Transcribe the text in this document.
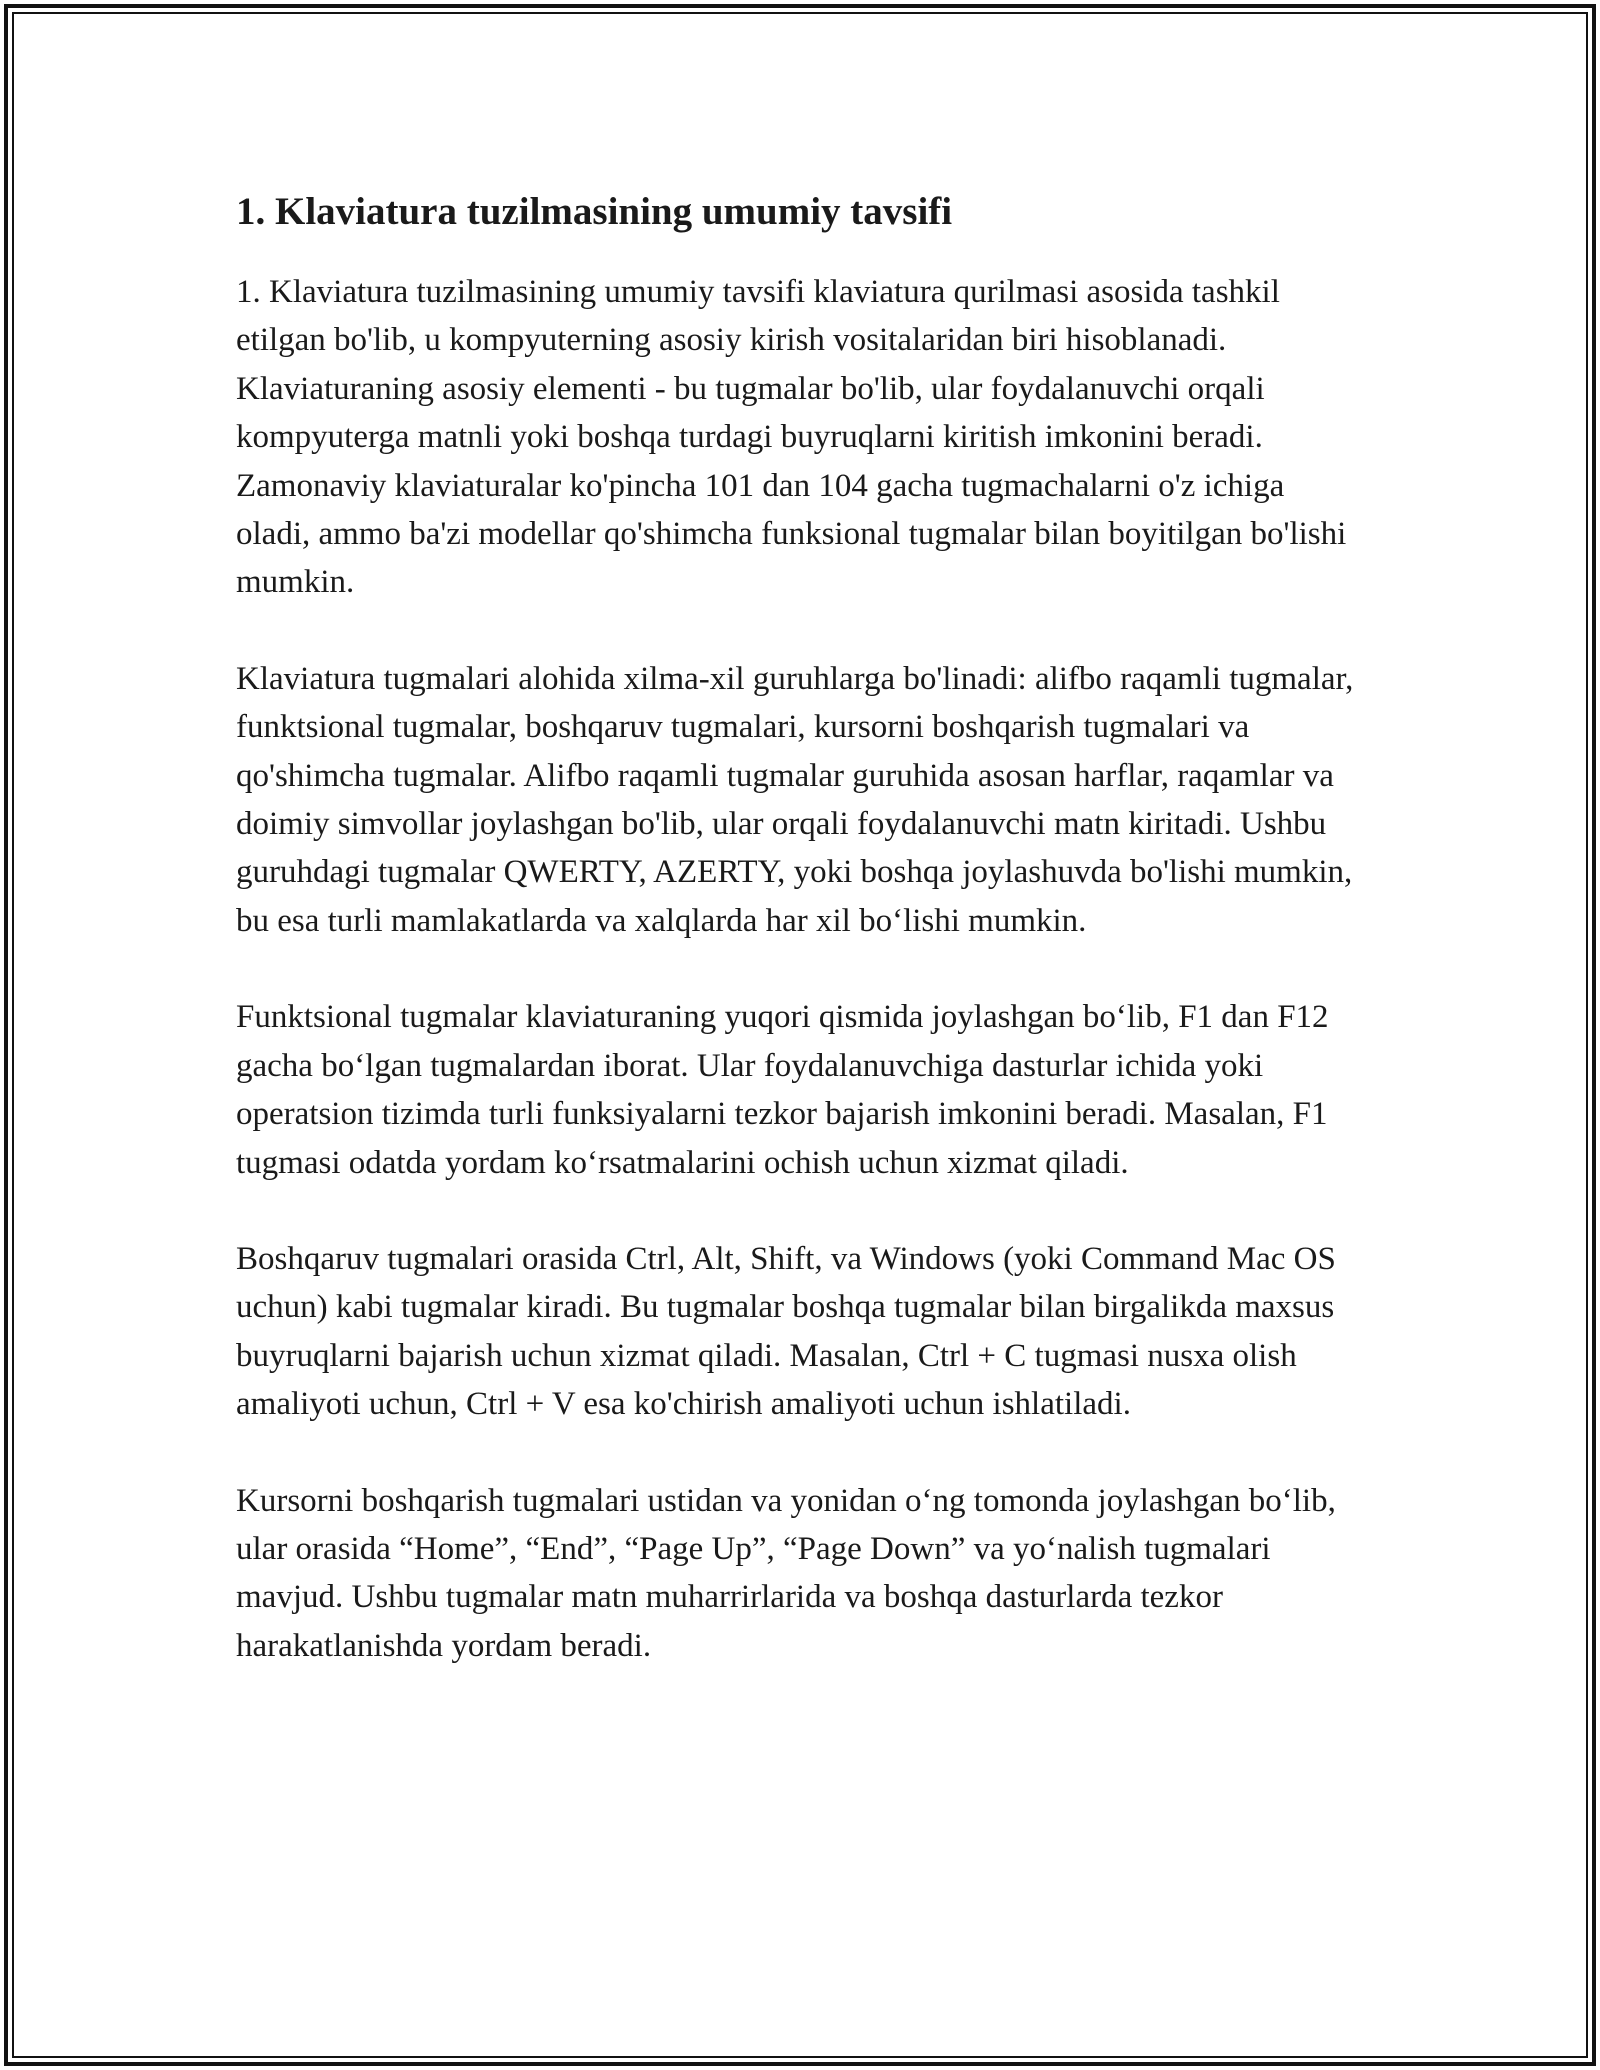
1. Klaviatura tuzilmasining umumiy tavsifi

1. Klaviatura tuzilmasining umumiy tavsifi klaviatura qurilmasi asosida tashkil etilgan bo'lib, u kompyuterning asosiy kirish vositalaridan biri hisoblanadi. Klaviaturaning asosiy elementi - bu tugmalar bo'lib, ular foydalanuvchi orqali kompyuterga matnli yoki boshqa turdagi buyruqlarni kiritish imkonini beradi. Zamonaviy klaviaturalar ko'pincha 101 dan 104 gacha tugmachalarni o'z ichiga oladi, ammo ba'zi modellar qo'shimcha funksional tugmalar bilan boyitilgan bo'lishi mumkin.

Klaviatura tugmalari alohida xilma-xil guruhlarga bo'linadi: alifbo raqamli tugmalar, funktsional tugmalar, boshqaruv tugmalari, kursorni boshqarish tugmalari va qo'shimcha tugmalar. Alifbo raqamli tugmalar guruhida asosan harflar, raqamlar va doimiy simvollar joylashgan bo'lib, ular orqali foydalanuvchi matn kiritadi. Ushbu guruhdagi tugmalar QWERTY, AZERTY, yoki boshqa joylashuvda bo'lishi mumkin, bu esa turli mamlakatlarda va xalqlarda har xil bo‘lishi mumkin.

Funktsional tugmalar klaviaturaning yuqori qismida joylashgan bo‘lib, F1 dan F12 gacha bo‘lgan tugmalardan iborat. Ular foydalanuvchiga dasturlar ichida yoki operatsion tizimda turli funksiyalarni tezkor bajarish imkonini beradi. Masalan, F1 tugmasi odatda yordam ko‘rsatmalarini ochish uchun xizmat qiladi.

Boshqaruv tugmalari orasida Ctrl, Alt, Shift, va Windows (yoki Command Mac OS uchun) kabi tugmalar kiradi. Bu tugmalar boshqa tugmalar bilan birgalikda maxsus buyruqlarni bajarish uchun xizmat qiladi. Masalan, Ctrl + C tugmasi nusxa olish amaliyoti uchun, Ctrl + V esa ko'chirish amaliyoti uchun ishlatiladi.

Kursorni boshqarish tugmalari ustidan va yonidan o‘ng tomonda joylashgan bo‘lib, ular orasida “Home”, “End”, “Page Up”, “Page Down” va yo‘nalish tugmalari mavjud. Ushbu tugmalar matn muharrirlarida va boshqa dasturlarda tezkor harakatlanishda yordam beradi.
